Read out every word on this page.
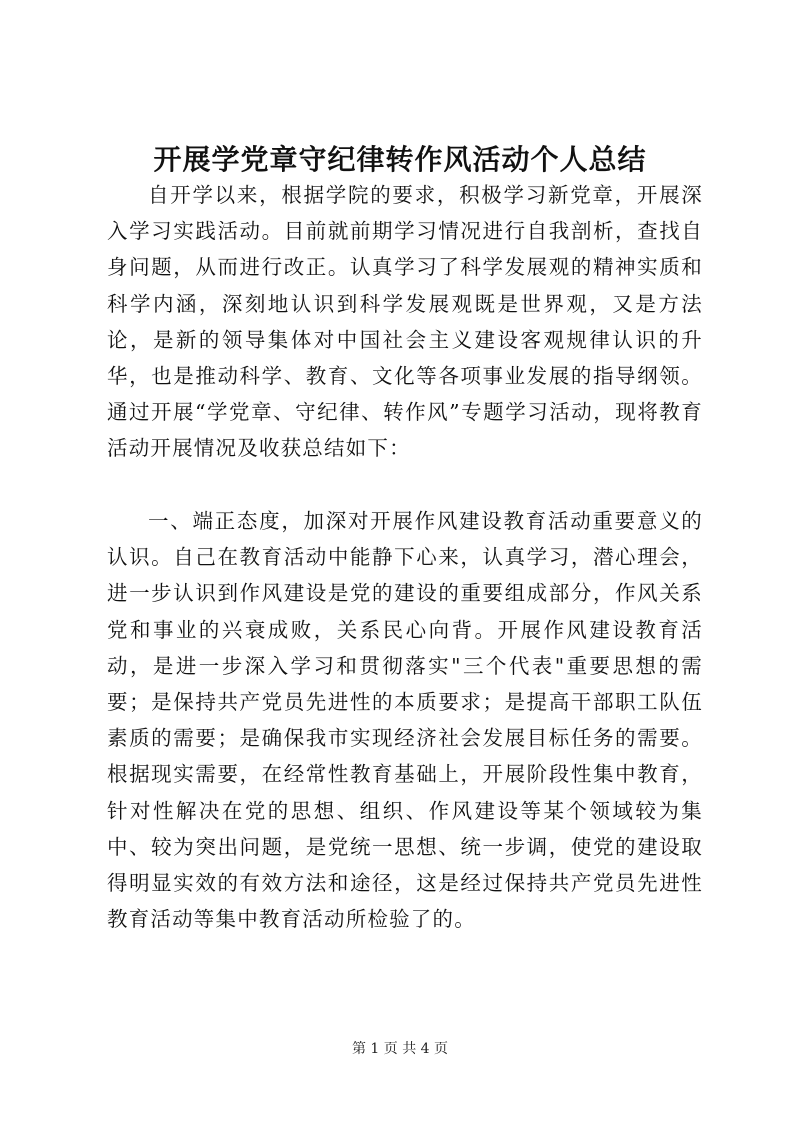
开展学党章守纪律转作风活动个人总结

自开学以来，根据学院的要求，积极学习新党章，开展深入学习实践活动。目前就前期学习情况进行自我剖析，查找自身问题，从而进行改正。认真学习了科学发展观的精神实质和科学内涵，深刻地认识到科学发展观既是世界观，又是方法论，是新的领导集体对中国社会主义建设客观规律认识的升华，也是推动科学、教育、文化等各项事业发展的指导纲领。通过开展“学党章、守纪律、转作风”专题学习活动，现将教育活动开展情况及收获总结如下：

一、端正态度，加深对开展作风建设教育活动重要意义的认识。自己在教育活动中能静下心来，认真学习，潜心理会，进一步认识到作风建设是党的建设的重要组成部分，作风关系党和事业的兴衰成败，关系民心向背。开展作风建设教育活动，是进一步深入学习和贯彻落实"三个代表"重要思想的需要；是保持共产党员先进性的本质要求；是提高干部职工队伍素质的需要；是确保我市实现经济社会发展目标任务的需要。根据现实需要，在经常性教育基础上，开展阶段性集中教育，针对性解决在党的思想、组织、作风建设等某个领域较为集中、较为突出问题，是党统一思想、统一步调，使党的建设取得明显实效的有效方法和途径，这是经过保持共产党员先进性教育活动等集中教育活动所检验了的。

第 1 页 共 4 页
